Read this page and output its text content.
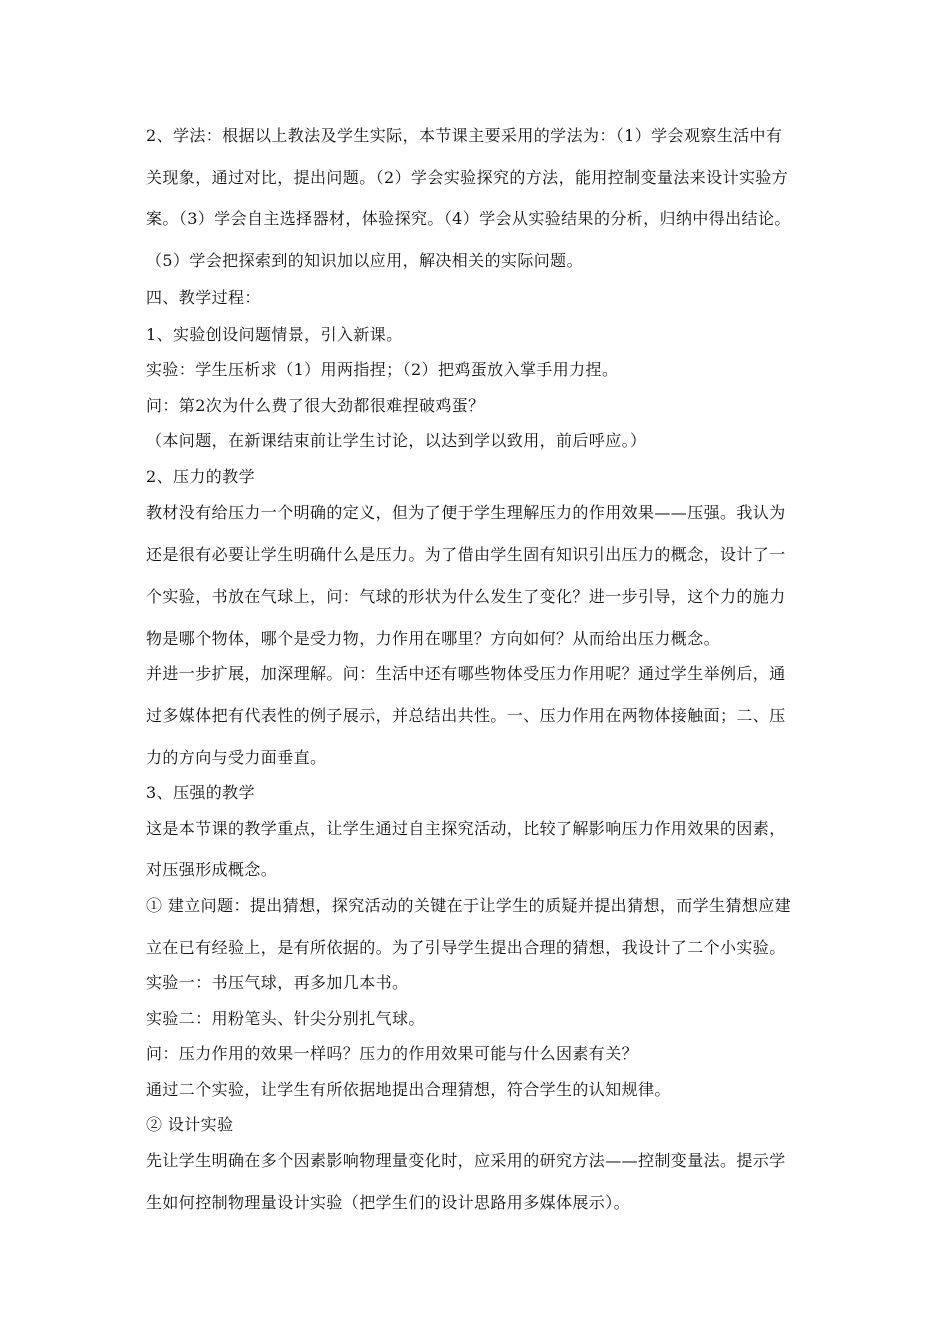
2、学法：根据以上教法及学生实际，本节课主要采用的学法为：（1）学会观察生活中有
关现象，通过对比，提出问题。（2）学会实验探究的方法，能用控制变量法来设计实验方
案。（3）学会自主选择器材，体验探究。（4）学会从实验结果的分析，归纳中得出结论。
（5）学会把探索到的知识加以应用，解决相关的实际问题。
四、教学过程：
1、实验创设问题情景，引入新课。
实验：学生压析求（1）用两指捏；（2）把鸡蛋放入掌手用力捏。
问：第2次为什么费了很大劲都很难捏破鸡蛋？
（本问题，在新课结束前让学生讨论，以达到学以致用，前后呼应。）
2、压力的教学
教材没有给压力一个明确的定义，但为了便于学生理解压力的作用效果——压强。我认为
还是很有必要让学生明确什么是压力。为了借由学生固有知识引出压力的概念，设计了一
个实验，书放在气球上，问：气球的形状为什么发生了变化？进一步引导，这个力的施力
物是哪个物体，哪个是受力物，力作用在哪里？方向如何？从而给出压力概念。
并进一步扩展，加深理解。问：生活中还有哪些物体受压力作用呢？通过学生举例后，通
过多媒体把有代表性的例子展示，并总结出共性。一、压力作用在两物体接触面；二、压
力的方向与受力面垂直。
3、压强的教学
这是本节课的教学重点，让学生通过自主探究活动，比较了解影响压力作用效果的因素，
对压强形成概念。
① 建立问题：提出猜想，探究活动的关键在于让学生的质疑并提出猜想，而学生猜想应建
立在已有经验上，是有所依据的。为了引导学生提出合理的猜想，我设计了二个小实验。
实验一：书压气球，再多加几本书。
实验二：用粉笔头、针尖分别扎气球。
问：压力作用的效果一样吗？压力的作用效果可能与什么因素有关？
通过二个实验，让学生有所依据地提出合理猜想，符合学生的认知规律。
② 设计实验
先让学生明确在多个因素影响物理量变化时，应采用的研究方法——控制变量法。提示学
生如何控制物理量设计实验（把学生们的设计思路用多媒体展示）。
